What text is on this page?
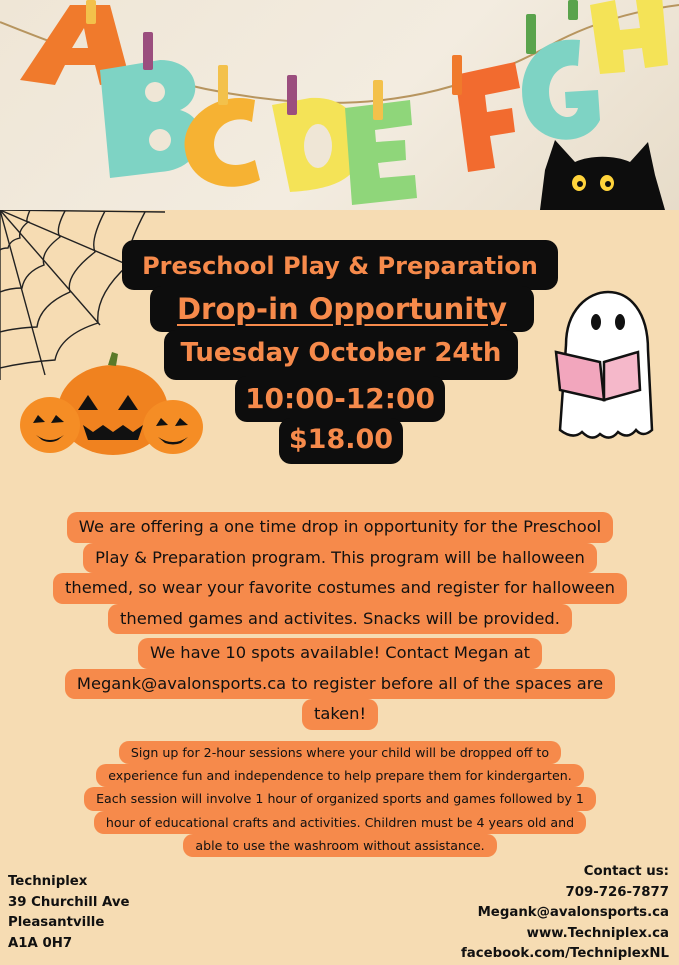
Preschool Play & Preparation
Drop-in Opportunity
Tuesday October 24th
10:00-12:00
$18.00
We are offering a one time drop in opportunity for the Preschool
Play & Preparation program. This program will be halloween
themed, so wear your favorite costumes and register for halloween
themed games and activites. Snacks will be provided.
We have 10 spots available! Contact Megan at
Megank@avalonsports.ca to register before all of the spaces are
taken!
Sign up for 2-hour sessions where your child will be dropped off to
experience fun and independence to help prepare them for kindergarten.
Each session will involve 1 hour of organized sports and games followed by 1
hour of educational crafts and activities. Children must be 4 years old and
able to use the washroom without assistance.
Techniplex
39 Churchill Ave
Pleasantville
A1A 0H7
Contact us:
709-726-7877
Megank@avalonsports.ca
www.Techniplex.ca
facebook.com/TechniplexNL
